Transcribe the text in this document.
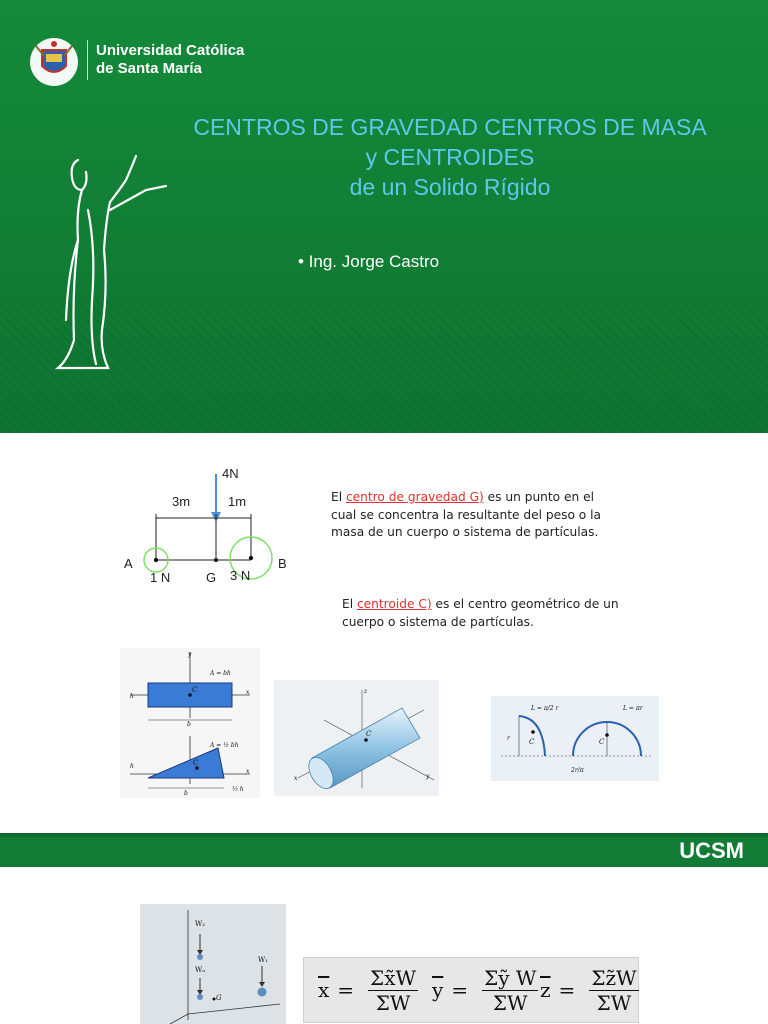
Universidad Católica
de Santa María
CENTROS DE GRAVEDAD CENTROS DE MASA
y CENTROIDES
de un Solido Rígido
• Ing. Jorge Castro
4N
3m	1m
A	B
G
1 N	3 N
El centro de gravedad G) es un punto en el cual se concentra la resultante del peso o la masa de un cuerpo o sistema de partículas.
El centroide C) es el centro geométrico de un cuerpo o sistema de partículas.
C
A = bh
x
y
b
h
C
A = ½ bh
x
h
b
⅓ h
C
z
x	y
C	C
L = π/2 r	L = πr
r
2r/π
UCSM
W₂
Wₙ
W₁
G	$\overline{x} = \frac{\Sigma x̃W}{\Sigma W} \overline{y} = \frac{\text{Σỹ W}}{\Sigma W} \overline{z} = \frac{\Sigma z̃W}{\Sigma W}$
